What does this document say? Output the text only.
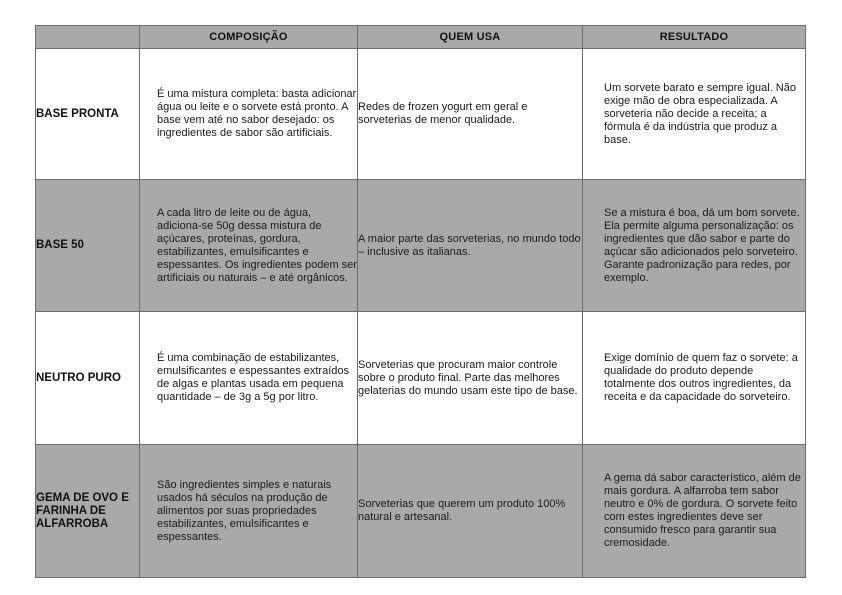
	COMPOSIÇÃO	QUEM USA	RESULTADO
BASE PRONTA	É uma mistura completa: basta adicionar água ou leite e o sorvete está pronto. A base vem até no sabor desejado: os ingredientes de sabor são artificiais.	Redes de frozen yogurt em geral e sorveterias de menor qualidade.	Um sorvete barato e sempre igual. Não exige mão de obra especializada. A sorveteria não decide a receita; a fórmula é da indústria que produz a base.

BASE 50	A cada litro de leite ou de água, adiciona-se 50g dessa mistura de açúcares, proteínas, gordura, estabilizantes, emulsificantes e espessantes. Os ingredientes podem ser artificiais ou naturais – e até orgânicos.	A maior parte das sorveterias, no mundo todo – inclusive as italianas.	Se a mistura é boa, dá um bom sorvete. Ela permite alguma personalização: os ingredientes que dão sabor e parte do açúcar são adicionados pelo sorveteiro. Garante padronização para redes, por exemplo.

NEUTRO PURO	É uma combinação de estabilizantes, emulsificantes e espessantes extraídos de algas e plantas usada em pequena quantidade – de 3g a 5g por litro.	Sorveterias que procuram maior controle sobre o produto final. Parte das melhores gelaterias do mundo usam este tipo de base.	Exige domínio de quem faz o sorvete: a qualidade do produto depende totalmente dos outros ingredientes, da receita e da capacidade do sorveteiro.

GEMA DE OVO E FARINHA DE ALFARROBA	São ingredientes simples e naturais usados há séculos na produção de alimentos por suas propriedades estabilizantes, emulsificantes e espessantes.	Sorveterias que querem um produto 100% natural e artesanal.	A gema dá sabor característico, além de mais gordura. A alfarroba tem sabor neutro e 0% de gordura. O sorvete feito com estes ingredientes deve ser consumido fresco para garantir sua cremosidade.
